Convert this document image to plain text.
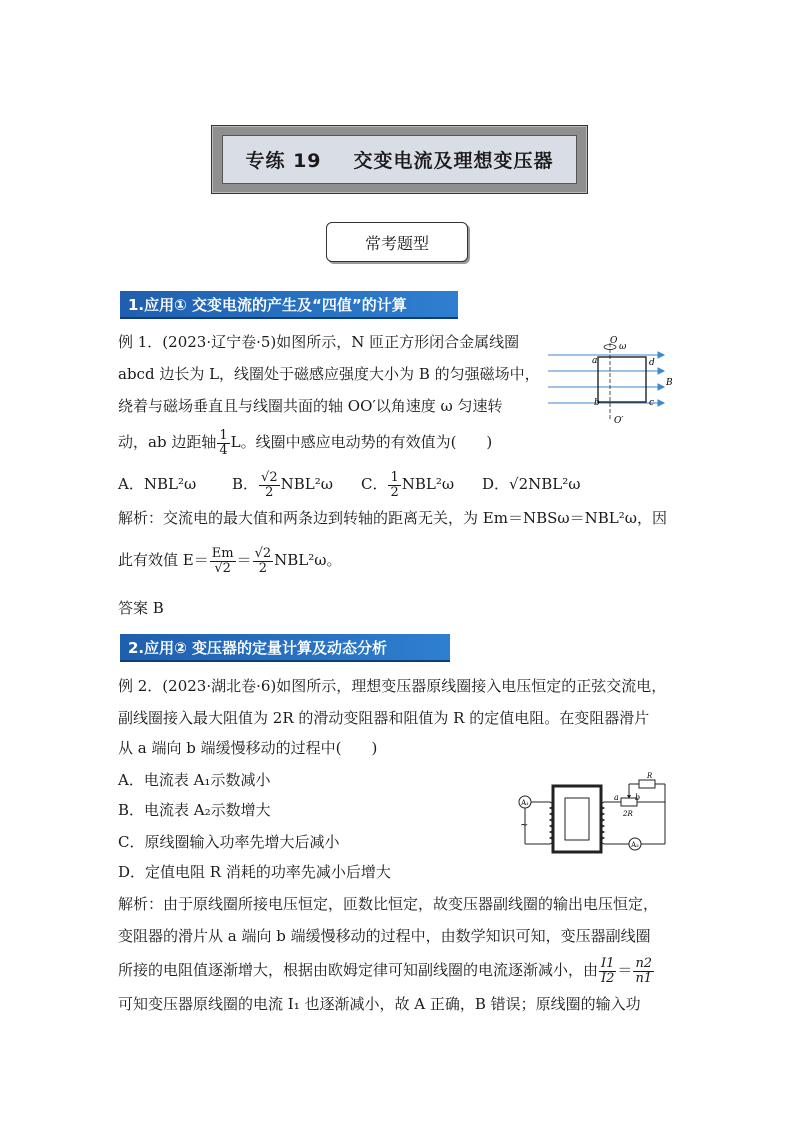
专练 19 交变电流及理想变压器
常考题型
1.应用① 交变电流的产生及“四值”的计算
例 1．(2023·辽宁卷·5)如图所示，N 匝正方形闭合金属线圈
abcd 边长为 L，线圈处于磁感应强度大小为 B 的匀强磁场中，
绕着与磁场垂直且与线圈共面的轴 OO′以角速度 ω 匀速转
动，ab 边距轴 $\frac{1}{4}$ L。线圈中感应电动势的有效值为(　　)
O
ω
a
b	c
d
B
O′
A．NBL²ω B． $\frac{√2}{2} NBL^2\omega$ C． $\frac{1}{2} NBL^2\omega$ D．√2NBL²ω
解析：交流电的最大值和两条边到转轴的距离无关，为 Em＝NBSω＝NBL²ω，因
此有效值 $E= \frac{Em}{√2} = \frac{√2}{2} NBL^2\omega$。
答案 B
2.应用② 变压器的定量计算及动态分析
例 2．(2023·湖北卷·6)如图所示，理想变压器原线圈接入电压恒定的正弦交流电，
副线圈接入最大阻值为 2R 的滑动变阻器和阻值为 R 的定值电阻。在变阻器滑片
从 a 端向 b 端缓慢移动的过程中(　　)
A．电流表 A₁示数减小
B．电流表 A₂示数增大
C．原线圈输入功率先增大后减小
D．定值电阻 R 消耗的功率先减小后增大
A₁
A₂
~
R
a b
2R
解析：由于原线圈所接电压恒定，匝数比恒定，故变压器副线圈的输出电压恒定，
变阻器的滑片从 a 端向 b 端缓慢移动的过程中，由数学知识可知，变压器副线圈
所接的电阻值逐渐增大，根据由欧姆定律可知副线圈的电流逐渐减小，由 $\frac{I1}{I2} = \frac{n2}{n1}$
可知变压器原线圈的电流 I₁ 也逐渐减小，故 A 正确，B 错误；原线圈的输入功
